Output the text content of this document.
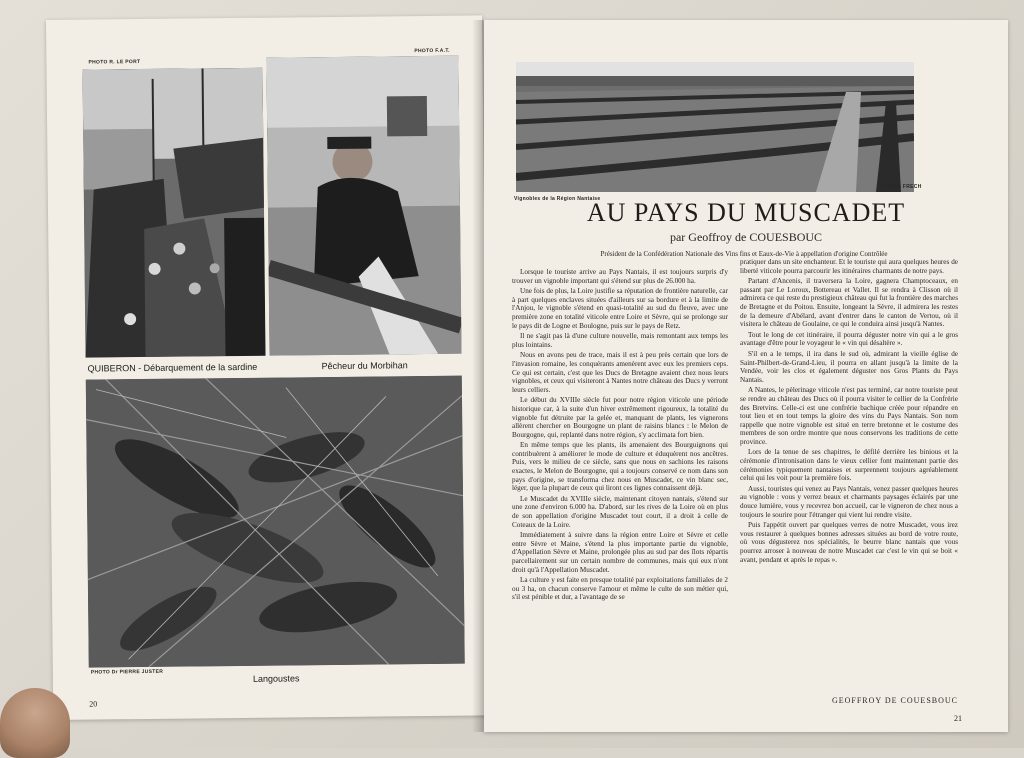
PHOTO R. LE PORT
PHOTO F.A.T.
QUIBERON - Débarquement de la sardine	Pêcheur du Morbihan
PHOTO Dr PIERRE JUSTER
Langoustes
20
Vignobles de la Région Nantaise
PHOTO FRECH
AU PAYS DU MUSCADET

par Geoffroy de COUESBOUC

Président de la Confédération Nationale des Vins fins et Eaux-de-Vie à appellation d'origine Contrôlée

Lorsque le touriste arrive au Pays Nantais, il est toujours surpris d'y trouver un vignoble important qui s'étend sur plus de 26.000 ha.

Une fois de plus, la Loire justifie sa réputation de frontière naturelle, car à part quelques enclaves situées d'ailleurs sur sa bordure et à la limite de l'Anjou, le vignoble s'étend en quasi-totalité au sud du fleuve, avec une première zone en totalité viticole entre Loire et Sèvre, qui se prolonge sur le pays dit de Logne et Boulogne, puis sur le pays de Retz.

Il ne s'agit pas là d'une culture nouvelle, mais remontant aux temps les plus lointains.

Nous en avons peu de trace, mais il est à peu près certain que lors de l'invasion romaine, les conquérants amenèrent avec eux les premiers ceps. Ce qui est certain, c'est que les Ducs de Bretagne avaient chez nous leurs vignobles, et ceux qui visiteront à Nantes notre château des Ducs y verront leurs celliers.

Le début du XVIIIe siècle fut pour notre région viticole une période historique car, à la suite d'un hiver extrêmement rigoureux, la totalité du vignoble fut détruite par la gelée et, manquant de plants, les vignerons allèrent chercher en Bourgogne un plant de raisins blancs : le Melon de Bourgogne, qui, replanté dans notre région, s'y acclimata fort bien.

En même temps que les plants, ils amenaient des Bourguignons qui contribuèrent à améliorer le mode de culture et éduquèrent nos ancêtres. Puis, vers le milieu de ce siècle, sans que nous en sachions les raisons exactes, le Melon de Bourgogne, qui a toujours conservé ce nom dans son pays d'origine, se transforma chez nous en Muscadet, ce vin blanc sec, léger, que la plupart de ceux qui liront ces lignes connaissent déjà.

Le Muscadet du XVIIIe siècle, maintenant citoyen nantais, s'étend sur une zone d'environ 6.000 ha. D'abord, sur les rives de la Loire où en plus de son appellation d'origine Muscadet tout court, il a droit à celle de Coteaux de la Loire.

Immédiatement à suivre dans la région entre Loire et Sèvre et celle entre Sèvre et Maine, s'étend la plus importante partie du vignoble, d'Appellation Sèvre et Maine, prolongée plus au sud par des îlots répartis parcellairement sur un certain nombre de communes, mais qui eux n'ont droit qu'à l'Appellation Muscadet.

La culture y est faite en presque totalité par exploitations familiales de 2 ou 3 ha, on chacun conserve l'amour et même le culte de son métier qui, s'il est pénible et dur, a l'avantage de se

pratiquer dans un site enchanteur. Et le touriste qui aura quelques heures de liberté viticole pourra parcourir les itinéraires charmants de notre pays.

Partant d'Ancenis, il traversera la Loire, gagnera Champtoceaux, en passant par Le Loroux, Bottereau et Vallet. Il se rendra à Clisson où il admirera ce qui reste du prestigieux château qui fut la frontière des marches de Bretagne et du Poitou. Ensuite, longeant la Sèvre, il admirera les restes de la demeure d'Abélard, avant d'entrer dans le canton de Vertou, où il visitera le château de Goulaine, ce qui le conduira ainsi jusqu'à Nantes.

Tout le long de cet itinéraire, il pourra déguster notre vin qui a le gros avantage d'être pour le voyageur le « vin qui désaltère ».

S'il en a le temps, il ira dans le sud où, admirant la vieille église de Saint-Philbert-de-Grand-Lieu, il pourra en allant jusqu'à la limite de la Vendée, voir les clos et également déguster nos Gros Plants du Pays Nantais.

A Nantes, le pèlerinage viticole n'est pas terminé, car notre touriste peut se rendre au château des Ducs où il pourra visiter le cellier de la Confrérie des Bretvins. Celle-ci est une confrérie bachique créée pour répandre en tout lieu et en tout temps la gloire des vins du Pays Nantais. Son nom rappelle que notre vignoble est situé en terre bretonne et le costume des membres de son ordre montre que nous conservons les traditions de cette province.

Lors de la tenue de ses chapitres, le défilé derrière les binious et la cérémonie d'intronisation dans le vieux cellier font maintenant partie des cérémonies typiquement nantaises et surprennent toujours agréablement celui qui les voit pour la première fois.

Aussi, touristes qui venez au Pays Nantais, venez passer quelques heures au vignoble : vous y verrez beaux et charmants paysages éclairés par une douce lumière, vous y recevrez bon accueil, car le vigneron de chez nous a toujours le sourire pour l'étranger qui vient lui rendre visite.

Puis l'appétit ouvert par quelques verres de notre Muscadet, vous irez vous restaurer à quelques bonnes adresses situées au bord de votre route, où vous dégusterez nos spécialités, le beurre blanc nantais que vous pourrez arroser à nouveau de notre Muscadet car c'est le vin qui se boit « avant, pendant et après le repas ».

GEOFFROY DE COUESBOUC
21
